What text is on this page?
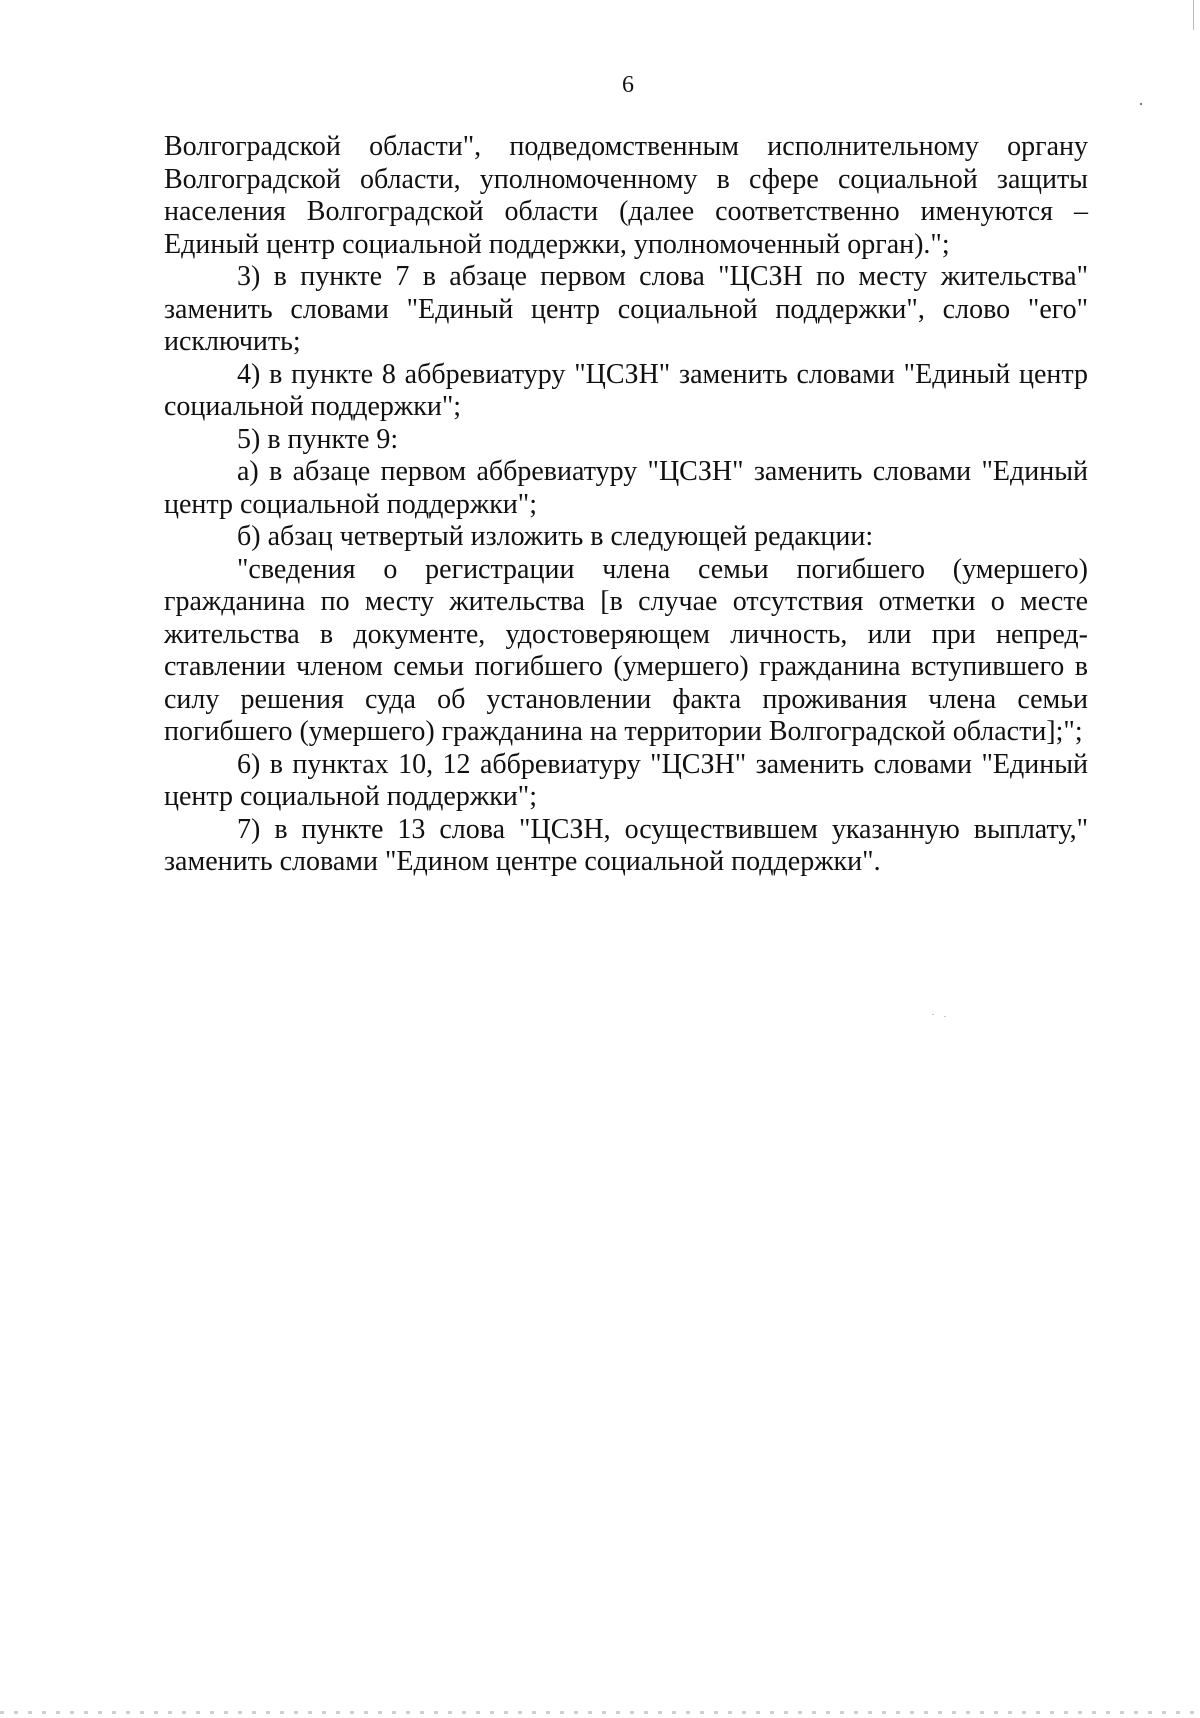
6

Волгоградской области", подведомственным исполнительному органу Волгоградской области, уполномоченному в сфере социальной защиты населения Волгоградской области (далее соответственно именуются – Единый центр социальной поддержки, уполномоченный орган).";

3) в пункте 7 в абзаце первом слова "ЦСЗН по месту жительства" заменить словами "Единый центр социальной поддержки", слово "его" исключить;

4) в пункте 8 аббревиатуру "ЦСЗН" заменить словами "Единый центр социальной поддержки";

5) в пункте 9:

а) в абзаце первом аббревиатуру "ЦСЗН" заменить словами "Единый центр социальной поддержки";

б) абзац четвертый изложить в следующей редакции:

"сведения о регистрации члена семьи погибшего (умершего) гражданина по месту жительства [в случае отсутствия отметки о месте жительства в документе, удостоверяющем личность, или при непредставлении членом семьи погибшего (умершего) гражданина вступившего в силу решения суда об установлении факта проживания члена семьи погибшего (умершего) гражданина на территории Волгоградской области];";

6) в пунктах 10, 12 аббревиатуру "ЦСЗН" заменить словами "Единый центр социальной поддержки";

7) в пункте 13 слова "ЦСЗН, осуществившем указанную выплату," заменить словами "Едином центре социальной поддержки".
